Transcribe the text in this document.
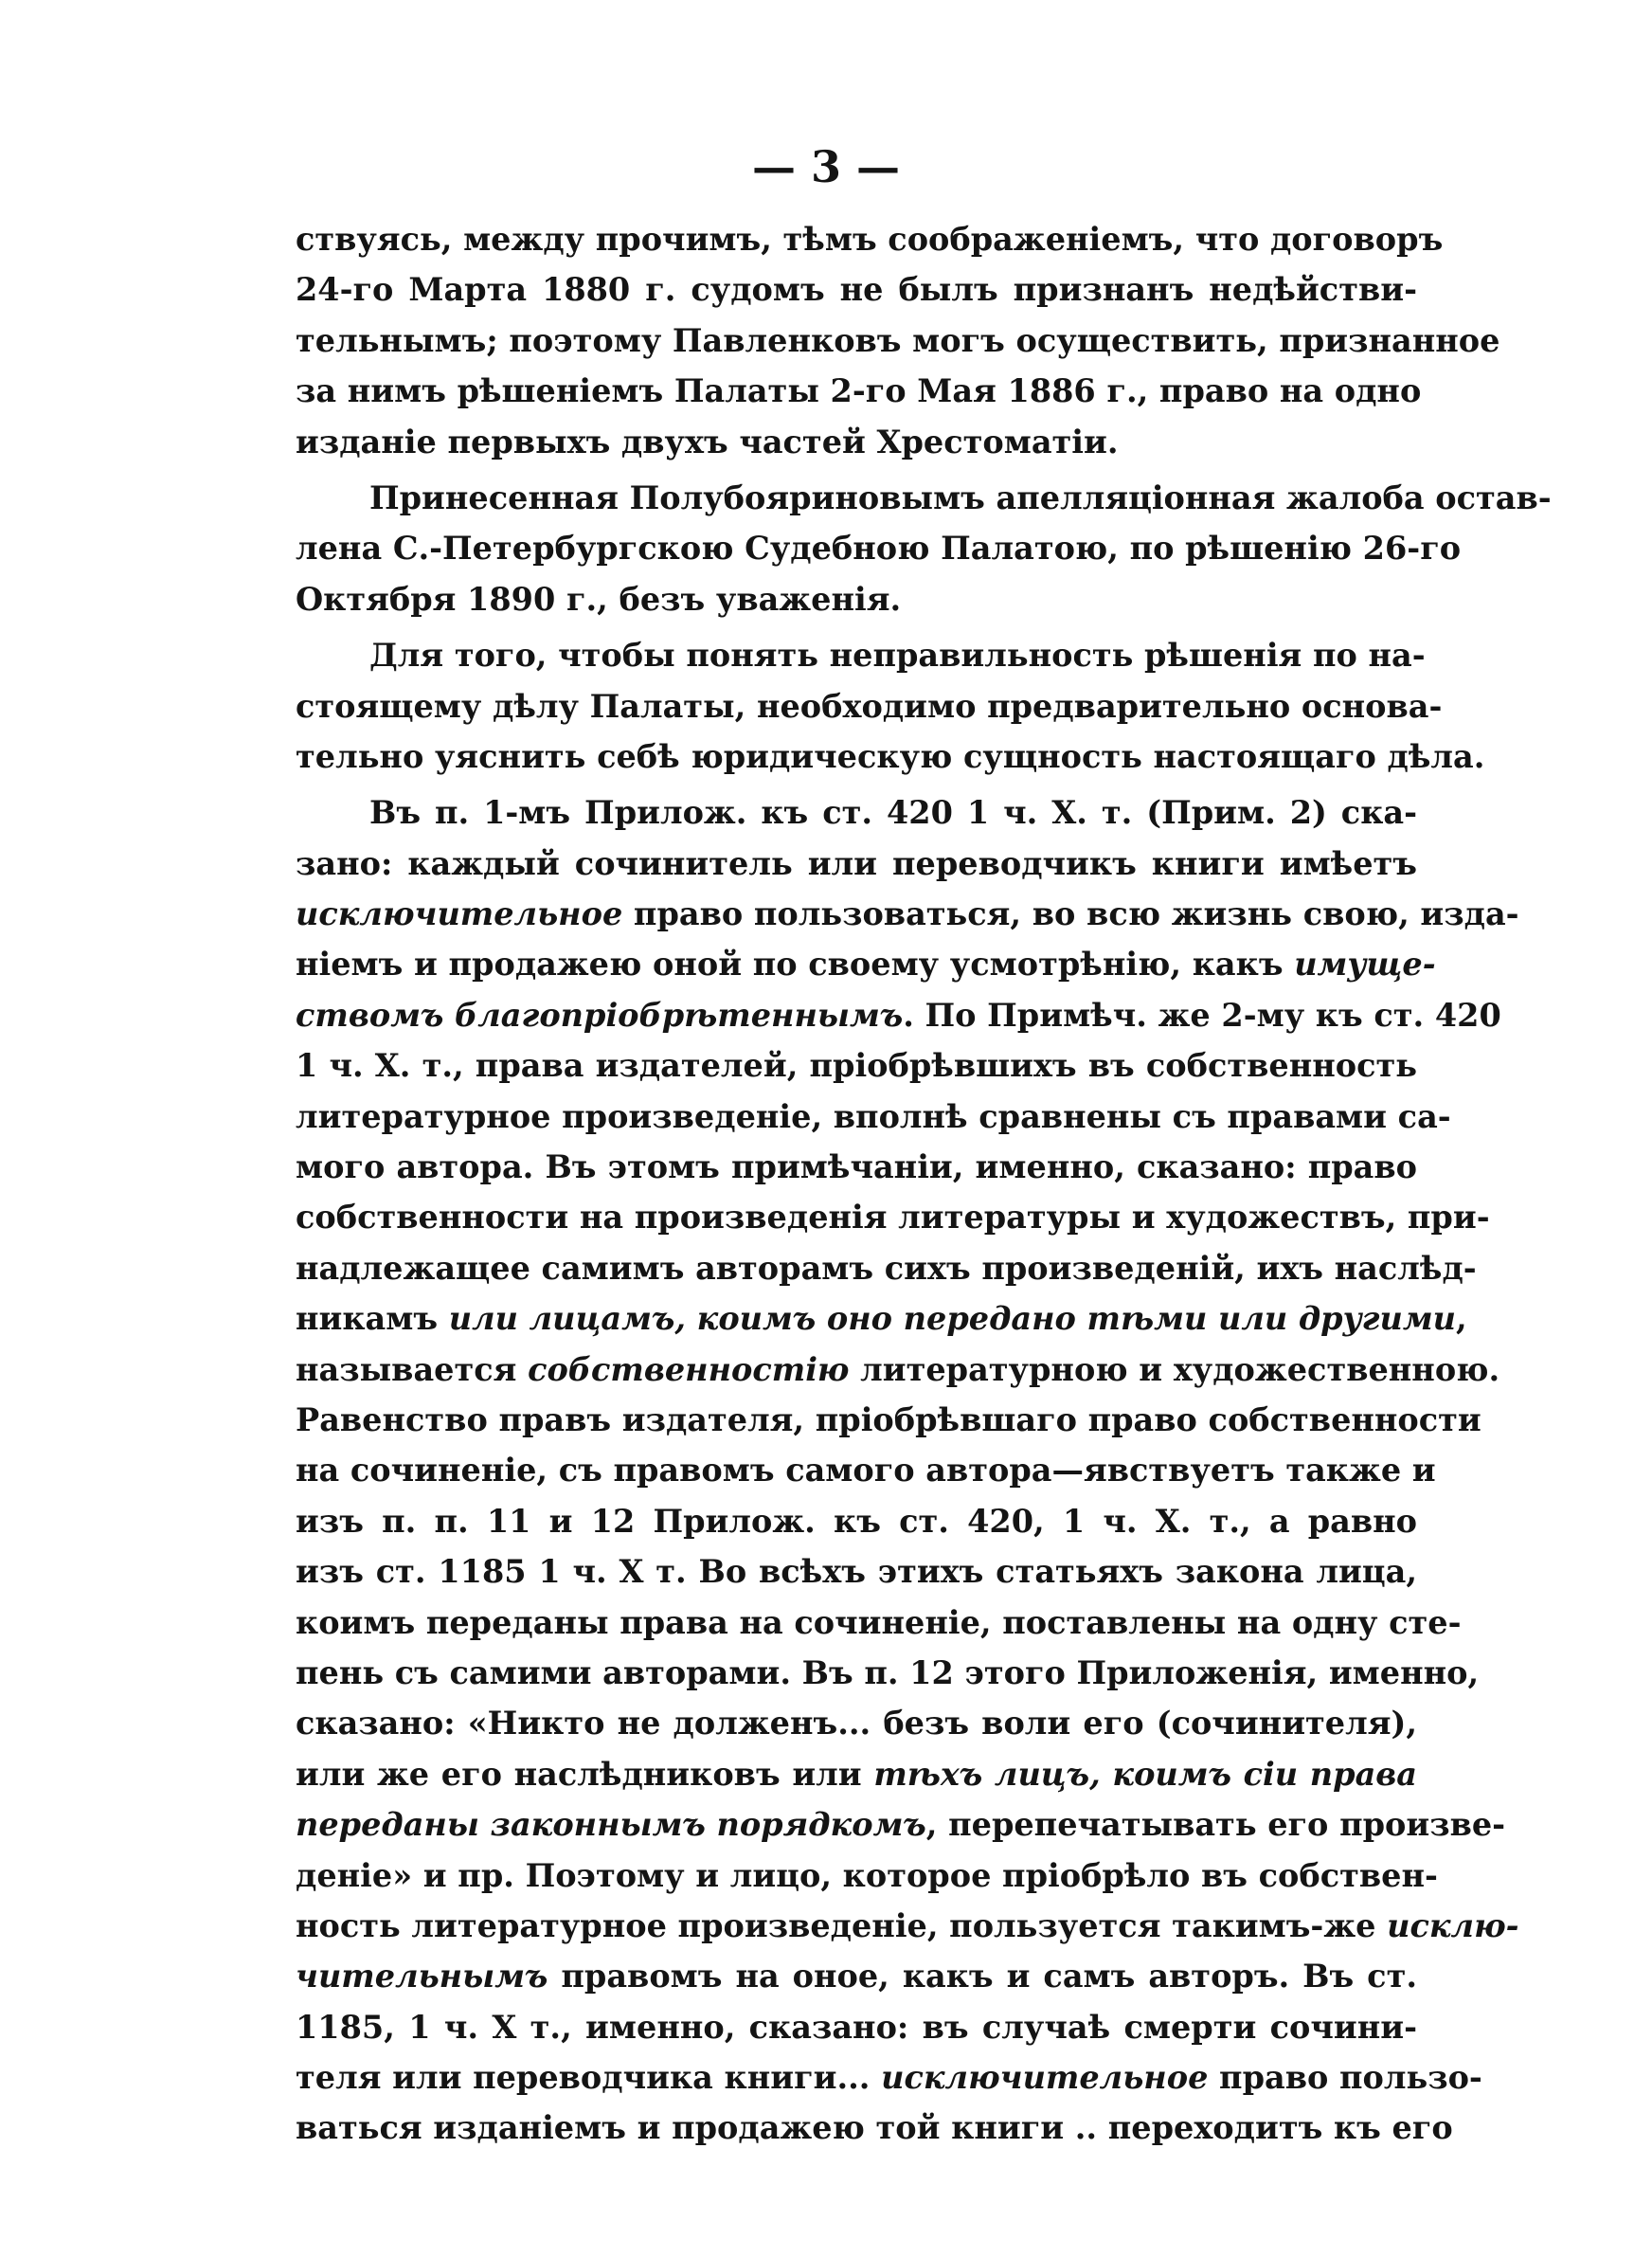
— 3 —
ствуясь, между прочимъ, тѣмъ соображеніемъ, что договоръ
24-го Марта 1880 г. судомъ не былъ признанъ недѣйстви-
тельнымъ; поэтому Павленковъ могъ осуществить, признанное
за нимъ рѣшеніемъ Палаты 2-го Мая 1886 г., право на одно
изданіе первыхъ двухъ частей Хрестоматіи.
Принесенная Полубояриновымъ апелляціонная жалоба остав-
лена С.-Петербургскою Судебною Палатою, по рѣшенію 26-го
Октября 1890 г., безъ уваженія.
Для того, чтобы понять неправильность рѣшенія по на-
стоящему дѣлу Палаты, необходимо предварительно основа-
тельно уяснить себѣ юридическую сущность настоящаго дѣла.
Въ п. 1-мъ Прилож. къ ст. 420 1 ч. X. т. (Прим. 2) ска-
зано: каждый сочинитель или переводчикъ книги имѣетъ
исключительное право пользоваться, во всю жизнь свою, изда-
ніемъ и продажею оной по своему усмотрѣнію, какъ имуще-
ствомъ благопріобрѣтеннымъ. По Примѣч. же 2-му къ ст. 420
1 ч. X. т., права издателей, пріобрѣвшихъ въ собственность
литературное произведеніе, вполнѣ сравнены съ правами са-
мого автора. Въ этомъ примѣчаніи, именно, сказано: право
собственности на произведенія литературы и художествъ, при-
надлежащее самимъ авторамъ сихъ произведеній, ихъ наслѣд-
никамъ или лицамъ, коимъ оно передано тѣми или другими,
называется собственностію литературною и художественною.
Равенство правъ издателя, пріобрѣвшаго право собственности
на сочиненіе, съ правомъ самого автора—явствуетъ также и
изъ п. п. 11 и 12 Прилож. къ ст. 420, 1 ч. X. т., а равно
изъ ст. 1185 1 ч. X т. Во всѣхъ этихъ статьяхъ закона лица,
коимъ переданы права на сочиненіе, поставлены на одну сте-
пень съ самими авторами. Въ п. 12 этого Приложенія, именно,
сказано: «Никто не долженъ... безъ воли его (сочинителя),
или же его наслѣдниковъ или тѣхъ лицъ, коимъ сіи права
переданы законнымъ порядкомъ, перепечатывать его произве-
деніе» и пр. Поэтому и лицо, которое пріобрѣло въ собствен-
ность литературное произведеніе, пользуется такимъ-же исклю-
чительнымъ правомъ на оное, какъ и самъ авторъ. Въ ст.
1185, 1 ч. X т., именно, сказано: въ случаѣ смерти сочини-
теля или переводчика книги... исключительное право пользо-
ваться изданіемъ и продажею той книги .. переходитъ къ его
